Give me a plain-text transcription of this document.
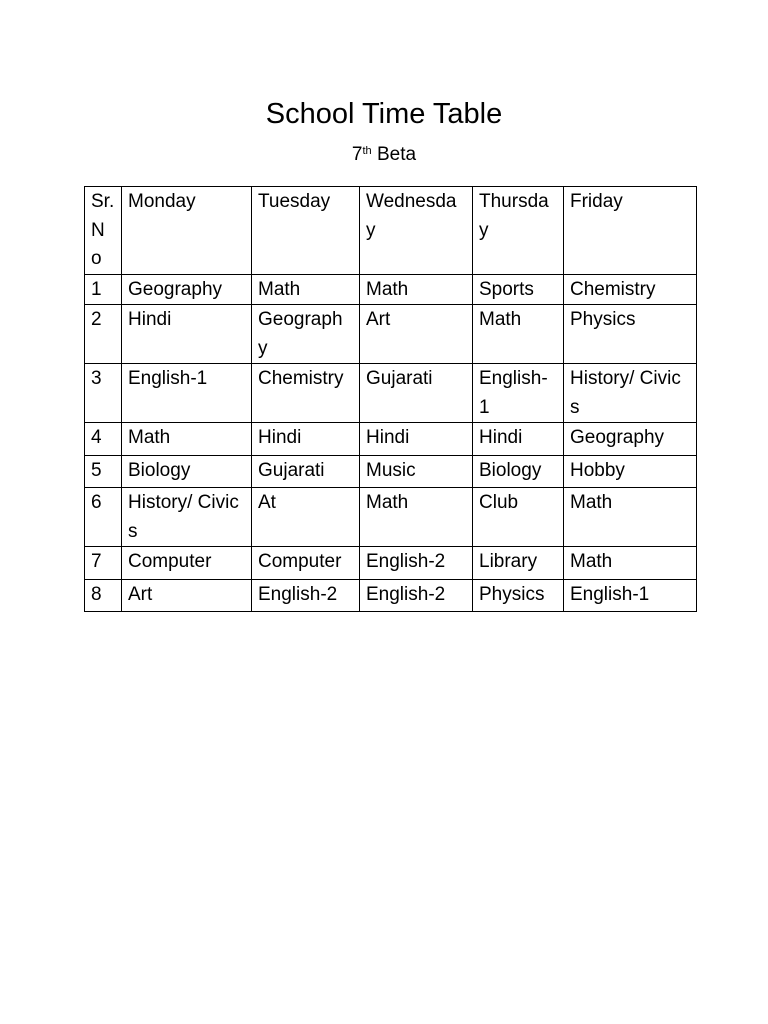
School Time Table
7th Beta
Sr. N o	Monday	Tuesday	Wednesda y	Thursda y	Friday
1	Geography	Math	Math	Sports	Chemistry
2	Hindi	Geograph y	Art	Math	Physics
3	English-1	Chemistry	Gujarati	English- 1	History/ Civics
4	Math	Hindi	Hindi	Hindi	Geography
5	Biology	Gujarati	Music	Biology	Hobby
6	History/ Civics	At	Math	Club	Math
7	Computer	Computer	English-2	Library	Math
8	Art	English-2	English-2	Physics	English-1
